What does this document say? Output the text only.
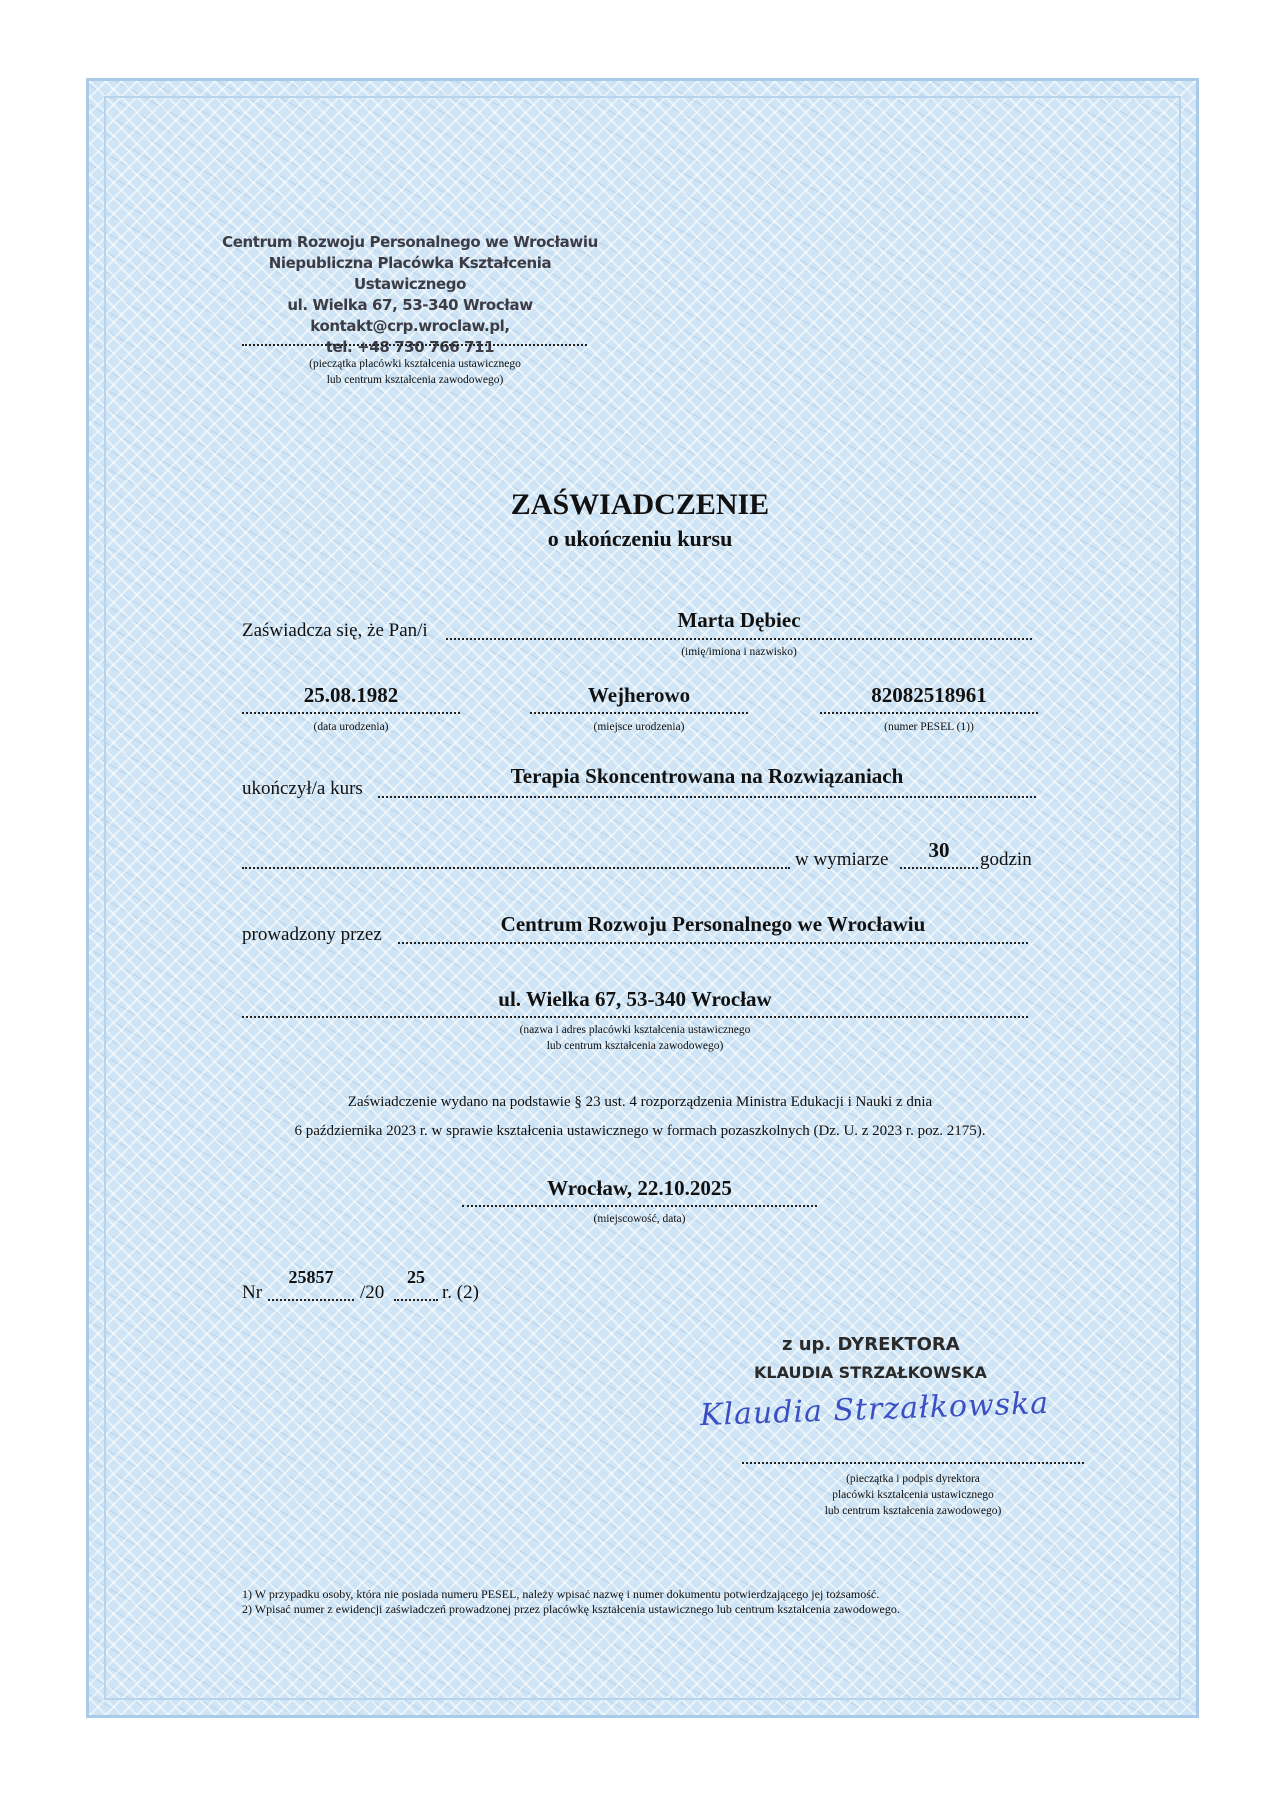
Centrum Rozwoju Personalnego we Wrocławiu
Niepubliczna Placówka Kształcenia Ustawicznego
ul. Wielka 67, 53-340 Wrocław
kontakt@crp.wroclaw.pl,
tel. +48 730 766 711
(pieczątka placówki kształcenia ustawicznego
lub centrum kształcenia zawodowego)
ZAŚWIADCZENIE
o ukończeniu kursu
Zaświadcza się, że Pan/i	Marta Dębiec
(imię/imiona i nazwisko)
25.08.1982
(data urodzenia)
Wejherowo
(miejsce urodzenia)
82082518961
(numer PESEL (1))
ukończył/a kurs
Terapia Skoncentrowana na Rozwiązaniach
w wymiarze	30	godzin
prowadzony przez	Centrum Rozwoju Personalnego we Wrocławiu
ul. Wielka 67, 53-340 Wrocław
(nazwa i adres placówki kształcenia ustawicznego
lub centrum kształcenia zawodowego)
Zaświadczenie wydano na podstawie § 23 ust. 4 rozporządzenia Ministra Edukacji i Nauki z dnia
6 października 2023 r. w sprawie kształcenia ustawicznego w formach pozaszkolnych (Dz. U. z 2023 r. poz. 2175).
Wrocław, 22.10.2025
(miejscowość, data)
Nr
25857
/20
25
r. (2)
z up. DYREKTORA
KLAUDIA STRZAŁKOWSKA
Klaudia Strzałkowska
(pieczątka i podpis dyrektora
placówki kształcenia ustawicznego
lub centrum kształcenia zawodowego)
1) W przypadku osoby, która nie posiada numeru PESEL, należy wpisać nazwę i numer dokumentu potwierdzającego jej tożsamość.
2) Wpisać numer z ewidencji zaświadczeń prowadzonej przez placówkę kształcenia ustawicznego lub centrum kształcenia zawodowego.
